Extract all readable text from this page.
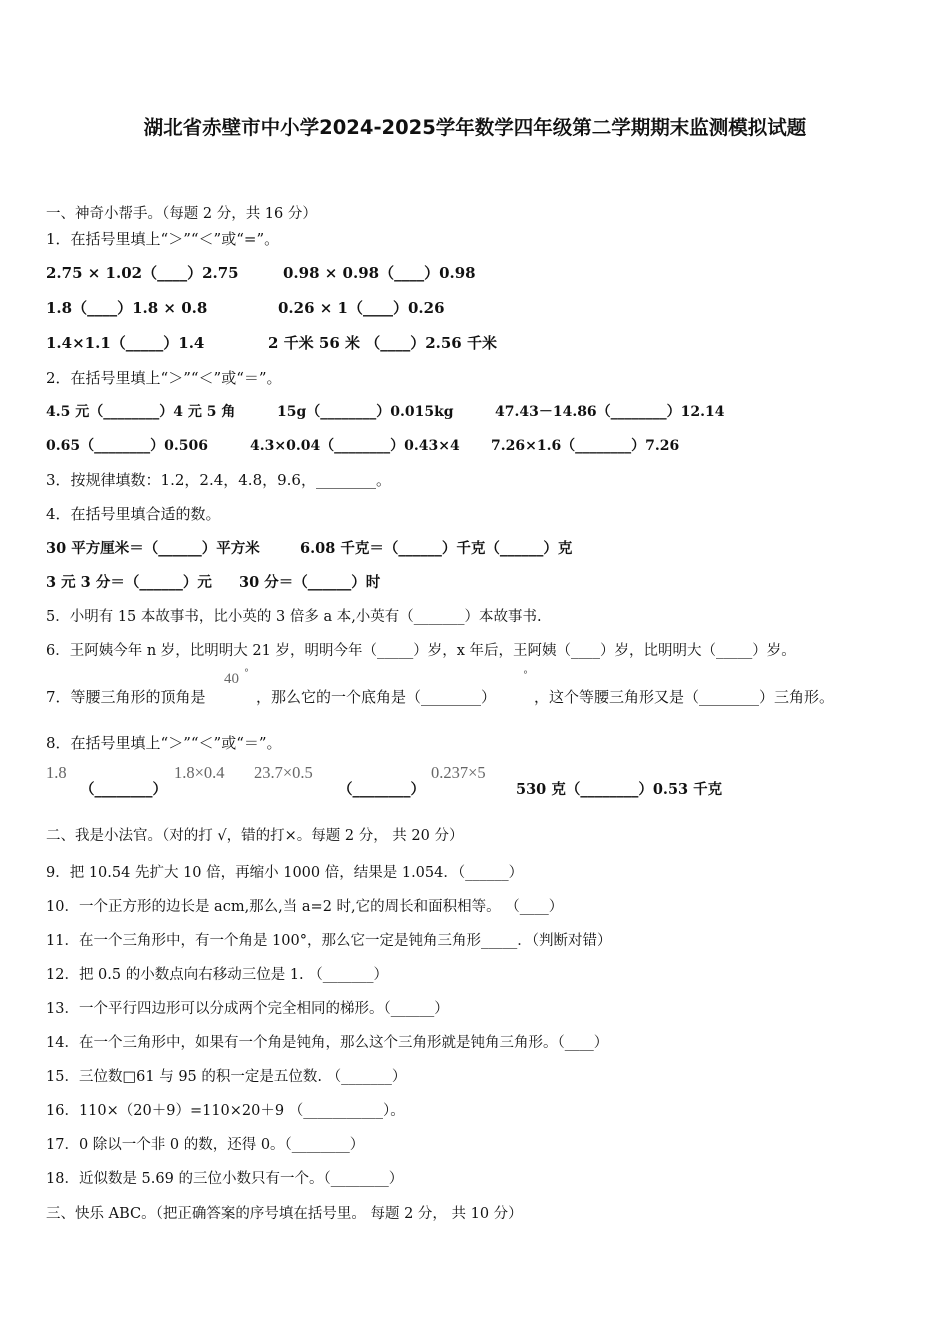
湖北省赤壁市中小学2024-2025学年数学四年级第二学期期末监测模拟试题
一、神奇小帮手。（每题 2 分，共 16 分）
1．在括号里填上“＞”“＜”或“=”。
2.75 × 1.02（____）2.75	0.98 × 0.98（____）0.98
1.8（____）1.8 × 0.8	0.26 × 1（____）0.26
1.4×1.1（_____）1.4	2 千米 56 米 （____）2.56 千米
2．在括号里填上“＞”“＜”或“＝”。
4.5 元（________）4 元 5 角	15g（________）0.015kg	47.43－14.86（________）12.14
0.65（________）0.506	4.3×0.04（________）0.43×4 7.26×1.6（________）7.26
3．按规律填数：1.2，2.4，4.8，9.6，________。
4．在括号里填合适的数。
30 平方厘米＝（______）平方米	6.08 千克＝（______）千克（______）克
3 元 3 分＝（______）元 30 分＝（______）时
5．小明有 15 本故事书，比小英的 3 倍多 a 本,小英有（_______）本故事书.
6．王阿姨今年 n 岁，比明明大 21 岁，明明今年（_____）岁，x 年后，王阿姨（____）岁，比明明大（_____）岁。
7．等腰三角形的顶角是
40 °
，那么它的一个底角是（________）
°
，这个等腰三角形又是（________）三角形。
8．在括号里填上“＞”“＜”或“＝”。
1.8
（________）
1.8×0.4 23.7×0.5
（________）
0.237×5
530 克（________）0.53 千克
二、我是小法官。（对的打 √，错的打×。每题 2 分， 共 20 分）
9．把 10.54 先扩大 10 倍，再缩小 1000 倍，结果是 1.054．（______）
10．一个正方形的边长是 acm,那么,当 a=2 时,它的周长和面积相等。 （____）
11．在一个三角形中，有一个角是 100°，那么它一定是钝角三角形_____．（判断对错）
12．把 0.5 的小数点向右移动三位是 1. （_______）
13．一个平行四边形可以分成两个完全相同的梯形。（______）
14．在一个三角形中，如果有一个角是钝角，那么这个三角形就是钝角三角形。（____）
15．三位数□61 与 95 的积一定是五位数. （_______）
16．110×（20＋9）=110×20＋9 （___________）。
17．0 除以一个非 0 的数，还得 0。（________）
18．近似数是 5.69 的三位小数只有一个。（________）
三、快乐 ABC。（把正确答案的序号填在括号里。 每题 2 分， 共 10 分）
